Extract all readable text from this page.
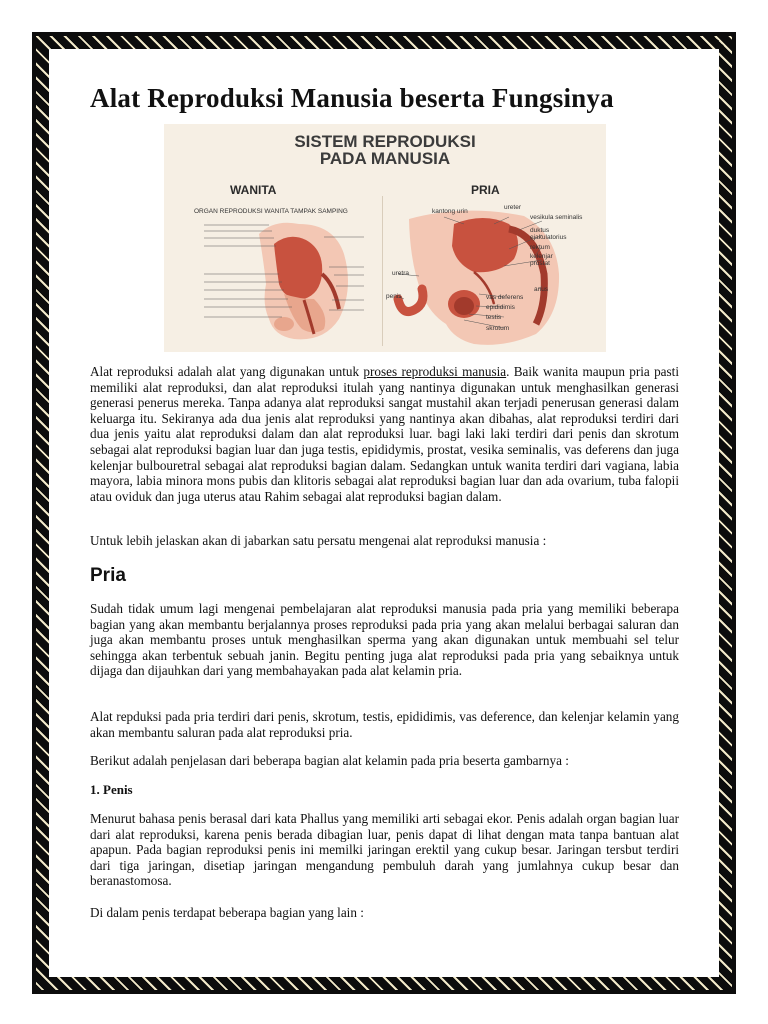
Alat Reproduksi Manusia beserta Fungsinya
SISTEM REPRODUKSI
PADA MANUSIA
WANITA	PRIA
ORGAN REPRODUKSI WANITA TAMPAK SAMPING	kantong urin
ureter
vesikula seminalis
duktus ejakulatorius
rektum
kelenjar prostat
anus
vas deferens
epididimis
testis
skrotum
uretra
penis

Alat reproduksi adalah alat yang digunakan untuk proses reproduksi manusia. Baik wanita maupun pria pasti memiliki alat reproduksi, dan alat reproduksi itulah yang nantinya digunakan untuk menghasilkan generasi generasi penerus mereka. Tanpa adanya alat reproduksi sangat mustahil akan terjadi penerusan generasi dalam keluarga itu. Sekiranya ada dua jenis alat reproduksi yang nantinya akan dibahas, alat reproduksi terdiri dari dua jenis yaitu alat reproduksi dalam dan alat reproduksi luar. bagi laki laki terdiri dari penis dan skrotum sebagai alat reproduksi bagian luar dan juga testis, epididymis, prostat, vesika seminalis, vas deferens dan juga kelenjar bulbouretral sebagai alat reproduksi bagian dalam. Sedangkan untuk wanita terdiri dari vagiana, labia mayora, labia minora mons pubis dan klitoris sebagai alat reproduksi bagian luar dan ada ovarium, tuba falopii atau oviduk dan juga uterus atau Rahim sebagai alat reproduksi bagian dalam.

Untuk lebih jelaskan akan di jabarkan satu persatu mengenai alat reproduksi manusia :

Pria

Sudah tidak umum lagi mengenai pembelajaran alat reproduksi manusia pada pria yang memiliki beberapa bagian yang akan membantu berjalannya proses reproduksi pada pria yang akan melalui berbagai saluran dan juga akan membantu proses untuk menghasilkan sperma yang akan digunakan untuk membuahi sel telur sehingga akan terbentuk sebuah janin. Begitu penting juga alat reproduksi pada pria yang sebaiknya untuk dijaga dan dijauhkan dari yang membahayakan pada alat kelamin pria.

Alat repduksi pada pria terdiri dari penis, skrotum, testis, epididimis, vas deference, dan kelenjar kelamin yang akan membantu saluran pada alat reproduksi pria.

Berikut adalah penjelasan dari beberapa bagian alat kelamin pada pria beserta gambarnya :

1. Penis

Menurut bahasa penis berasal dari kata Phallus yang memiliki arti sebagai ekor. Penis adalah organ bagian luar dari alat reproduksi, karena penis berada dibagian luar, penis dapat di lihat dengan mata tanpa bantuan alat apapun. Pada bagian reproduksi penis ini memilki jaringan erektil yang cukup besar. Jaringan tersbut terdiri dari tiga jaringan, disetiap jaringan mengandung pembuluh darah yang jumlahnya cukup besar dan beranastomosa.

Di dalam penis terdapat beberapa bagian yang lain :
